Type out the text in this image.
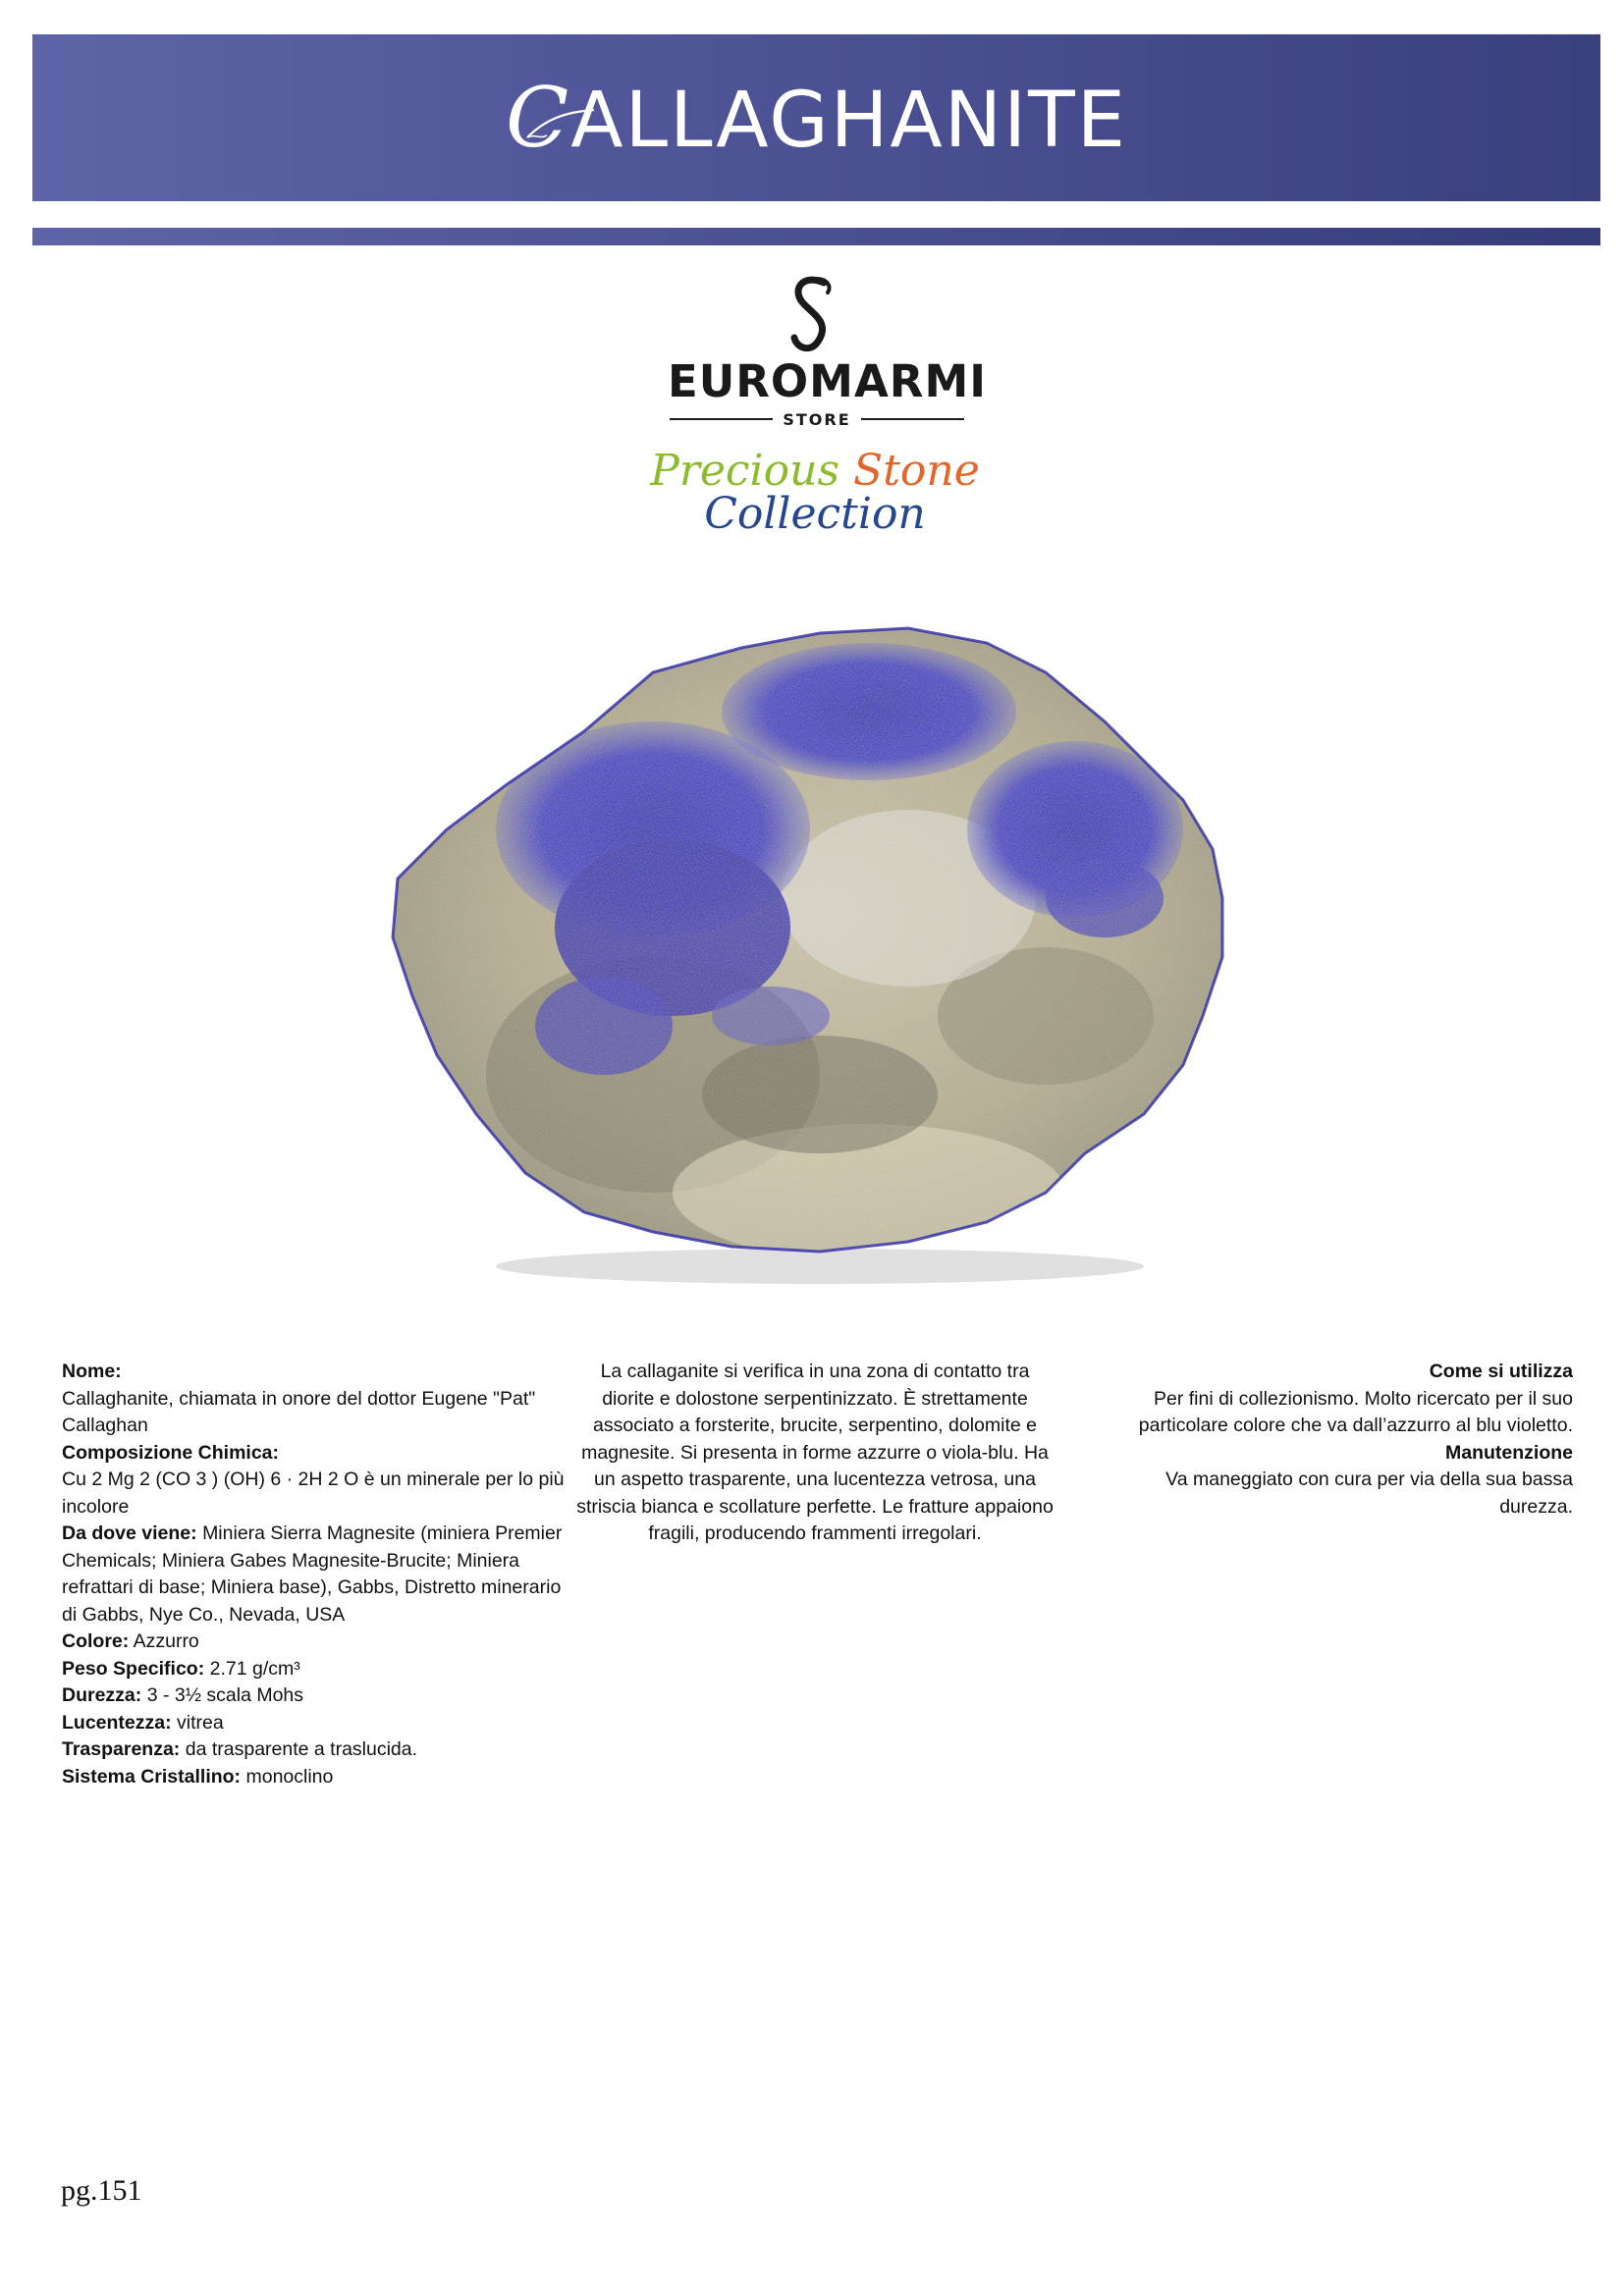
CALLAGHANITE
EUROMARMI
STORE
Precious Stone Collection
Nome:
Callaghanite, chiamata in onore del dottor Eugene "Pat" Callaghan
Composizione Chimica:
Cu 2 Mg 2 (CO 3 ) (OH) 6 · 2H 2 O è un minerale per lo più incolore
Da dove viene: Miniera Sierra Magnesite (miniera Premier Chemicals; Miniera Gabes Magnesite-Brucite; Miniera refrattari di base; Miniera base), Gabbs, Distretto minerario di Gabbs, Nye Co., Nevada, USA
Colore: Azzurro
Peso Specifico: 2.71 g/cm³
Durezza: 3 - 3½ scala Mohs
Lucentezza: vitrea
Trasparenza: da trasparente a traslucida.
Sistema Cristallino: monoclino
La callaganite si verifica in una zona di contatto tra diorite e dolostone serpentinizzato. È strettamente associato a forsterite, brucite, serpentino, dolomite e magnesite. Si presenta in forme azzurre o viola-blu. Ha un aspetto trasparente, una lucentezza vetrosa, una striscia bianca e scollature perfette. Le fratture appaiono fragili, producendo frammenti irregolari.
Come si utilizza
Per fini di collezionismo. Molto ricercato per il suo particolare colore che va dall’azzurro al blu violetto.
Manutenzione
Va maneggiato con cura per via della sua bassa durezza.
pg.151
